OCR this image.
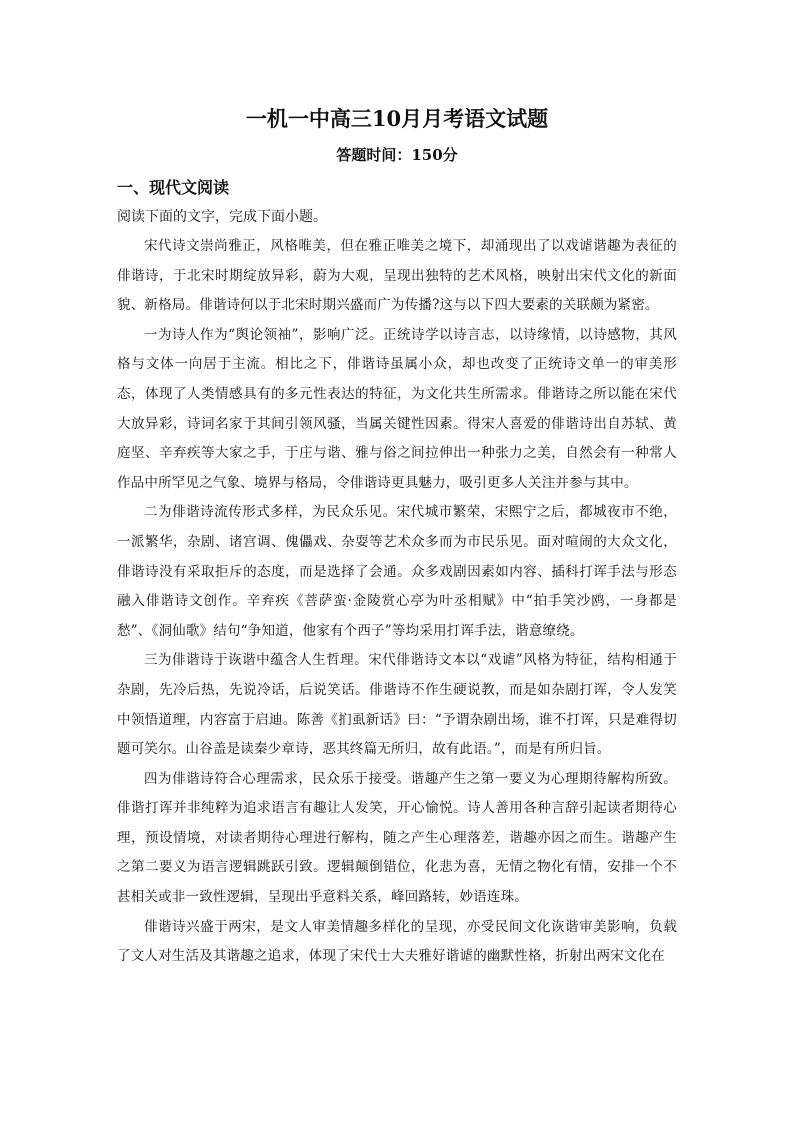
一机一中高三10月月考语文试题

答题时间：150分

一、现代文阅读

阅读下面的文字，完成下面小题。

宋代诗文崇尚雅正，风格唯美，但在雅正唯美之境下，却涌现出了以戏谑谐趣为表征的俳谐诗，于北宋时期绽放异彩，蔚为大观，呈现出独特的艺术风格，映射出宋代文化的新面貌、新格局。俳谐诗何以于北宋时期兴盛而广为传播?这与以下四大要素的关联颇为紧密。

一为诗人作为“舆论领袖”，影响广泛。正统诗学以诗言志，以诗缘情，以诗感物，其风格与文体一向居于主流。相比之下，俳谐诗虽属小众，却也改变了正统诗文单一的审美形态，体现了人类情感具有的多元性表达的特征，为文化共生所需求。俳谐诗之所以能在宋代大放异彩，诗词名家于其间引领风骚，当属关键性因素。得宋人喜爱的俳谐诗出自苏轼、黄庭坚、辛弃疾等大家之手，于庄与谐、雅与俗之间拉伸出一种张力之美，自然会有一种常人作品中所罕见之气象、境界与格局，令俳谐诗更具魅力，吸引更多人关注并参与其中。

二为俳谐诗流传形式多样，为民众乐见。宋代城市繁荣，宋熙宁之后，都城夜市不绝，一派繁华，杂剧、诸宫调、傀儡戏、杂耍等艺术众多而为市民乐见。面对喧闹的大众文化，俳谐诗没有采取拒斥的态度，而是选择了会通。众多戏剧因素如内容、插科打诨手法与形态融入俳谐诗文创作。辛弃疾《菩萨蛮·金陵赏心亭为叶丞相赋》中“拍手笑沙鸥，一身都是愁”、《洞仙歌》结句“争知道，他家有个西子”等均采用打诨手法，谐意缭绕。

三为俳谐诗于诙谐中蕴含人生哲理。宋代俳谐诗文本以“戏谑”风格为特征，结构相通于杂剧，先冷后热，先说冷话，后说笑话。俳谐诗不作生硬说教，而是如杂剧打诨，令人发笑中领悟道理，内容富于启迪。陈善《扪虱新话》曰：“予谓杂剧出场，谁不打诨，只是难得切题可笑尔。山谷盖是读秦少章诗，恶其终篇无所归，故有此语。”，而是有所归旨。

四为俳谐诗符合心理需求，民众乐于接受。谐趣产生之第一要义为心理期待解构所致。俳谐打诨并非纯粹为追求语言有趣让人发笑，开心愉悦。诗人善用各种言辞引起读者期待心理，预设情境，对读者期待心理进行解构，随之产生心理落差，谐趣亦因之而生。谐趣产生之第二要义为语言逻辑跳跃引致。逻辑颠倒错位，化悲为喜，无情之物化有情，安排一个不甚相关或非一致性逻辑，呈现出乎意料关系，峰回路转，妙语连珠。

俳谐诗兴盛于两宋，是文人审美情趣多样化的呈现，亦受民间文化诙谐审美影响，负载了文人对生活及其谐趣之追求，体现了宋代士大夫雅好谐谑的幽默性格，折射出两宋文化在
